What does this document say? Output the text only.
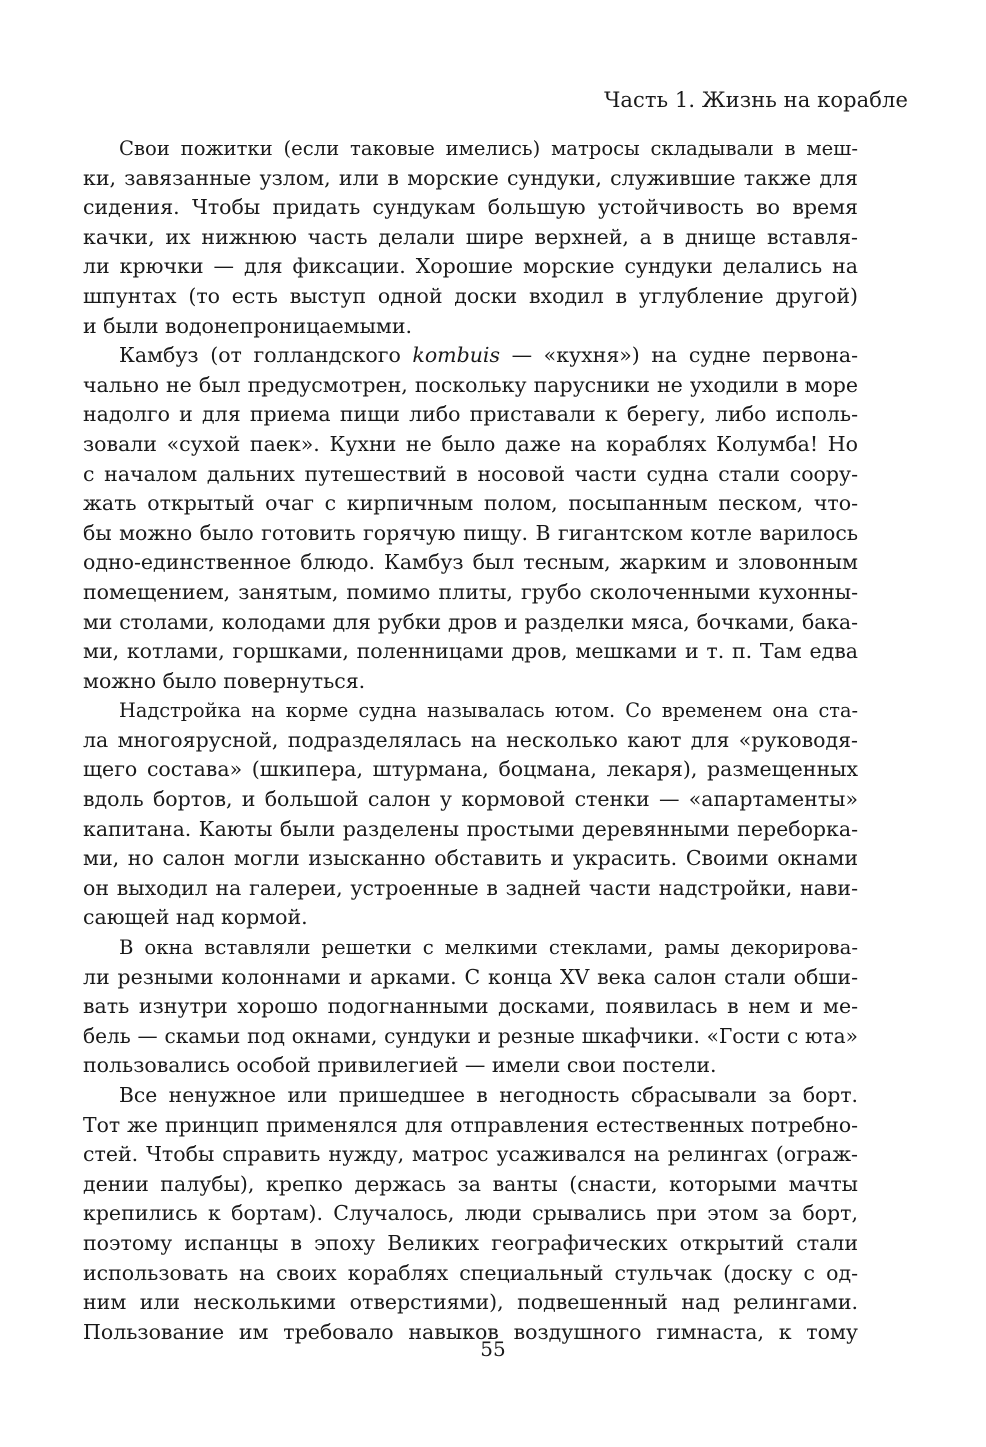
Часть 1. Жизнь на корабле
Свои пожитки (если таковые имелись) матросы складывали в меш-
ки, завязанные узлом, или в морские сундуки, служившие также для
сидения. Чтобы придать сундукам большую устойчивость во время
качки, их нижнюю часть делали шире верхней, а в днище вставля-
ли крючки — для фиксации. Хорошие морские сундуки делались на
шпунтах (то есть выступ одной доски входил в углубление другой)
и были водонепроницаемыми.
Камбуз (от голландского kombuis — «кухня») на судне первона-
чально не был предусмотрен, поскольку парусники не уходили в море
надолго и для приема пищи либо приставали к берегу, либо исполь-
зовали «сухой паек». Кухни не было даже на кораблях Колумба! Но
с началом дальних путешествий в носовой части судна стали соору-
жать открытый очаг с кирпичным полом, посыпанным песком, что-
бы можно было готовить горячую пищу. В гигантском котле варилось
одно-единственное блюдо. Камбуз был тесным, жарким и зловонным
помещением, занятым, помимо плиты, грубо сколоченными кухонны-
ми столами, колодами для рубки дров и разделки мяса, бочками, бака-
ми, котлами, горшками, поленницами дров, мешками и т. п. Там едва
можно было повернуться.
Надстройка на корме судна называлась ютом. Со временем она ста-
ла многоярусной, подразделялась на несколько кают для «руководя-
щего состава» (шкипера, штурмана, боцмана, лекаря), размещенных
вдоль бортов, и большой салон у кормовой стенки — «апартаменты»
капитана. Каюты были разделены простыми деревянными переборка-
ми, но салон могли изысканно обставить и украсить. Своими окнами
он выходил на галереи, устроенные в задней части надстройки, нави-
сающей над кормой.
В окна вставляли решетки с мелкими стеклами, рамы декорирова-
ли резными колоннами и арками. С конца XV века салон стали обши-
вать изнутри хорошо подогнанными досками, появилась в нем и ме-
бель — скамьи под окнами, сундуки и резные шкафчики. «Гости с юта»
пользовались особой привилегией — имели свои постели.
Все ненужное или пришедшее в негодность сбрасывали за борт.
Тот же принцип применялся для отправления естественных потребно-
стей. Чтобы справить нужду, матрос усаживался на релингах (ограж-
дении палубы), крепко держась за ванты (снасти, которыми мачты
крепились к бортам). Случалось, люди срывались при этом за борт,
поэтому испанцы в эпоху Великих географических открытий стали
использовать на своих кораблях специальный стульчак (доску с од-
ним или несколькими отверстиями), подвешенный над релингами.
Пользование им требовало навыков воздушного гимнаста, к тому
55
